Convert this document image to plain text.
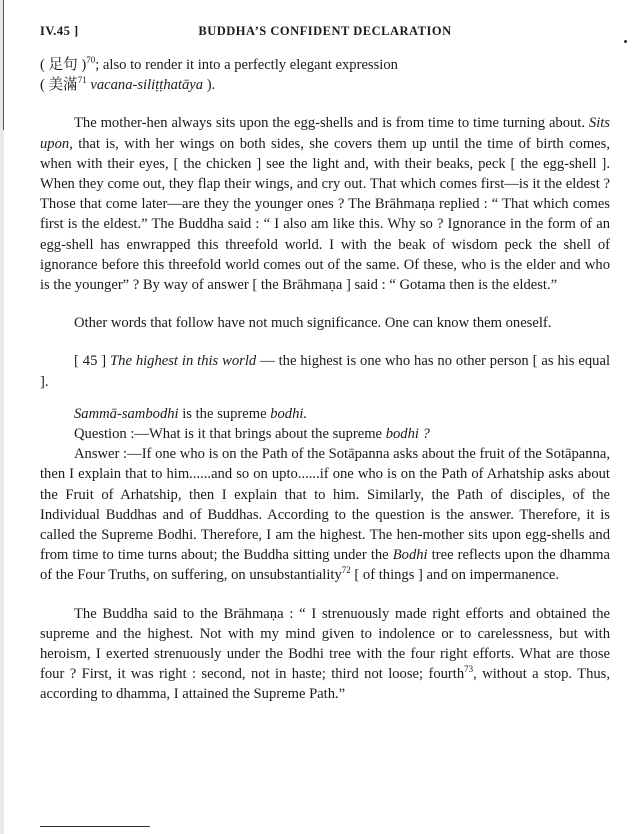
IV.45 ]	BUDDHA’S CONFIDENT DECLARATION

( 足句 )$^{70}$; also to render it into a perfectly elegant expression

( 美滿$^{71}$ vacana-siliṭṭhatāya ).

The mother-hen always sits upon the egg-shells and is from time to time turning about. Sits upon, that is, with her wings on both sides, she covers them up until the time of birth comes, when with their eyes, [ the chicken ] see the light and, with their beaks, peck [ the egg-shell ]. When they come out, they flap their wings, and cry out. That which comes first—is it the eldest ? Those that come later—are they the younger ones ? The Brāhmaṇa replied : “ That which comes first is the eldest.” The Buddha said : “ I also am like this. Why so ? Ignorance in the form of an egg-shell has enwrapped this threefold world. I with the beak of wisdom peck the shell of ignorance before this threefold world comes out of the same. Of these, who is the elder and who is the younger” ? By way of answer [ the Brāhmaṇa ] said : “ Gotama then is the eldest.”

Other words that follow have not much significance. One can know them oneself.

[ 45 ] The highest in this world — the highest is one who has no other person [ as his equal ].

Sammā-sambodhi is the supreme bodhi.

Question :—What is it that brings about the supreme bodhi ?

Answer :—If one who is on the Path of the Sotāpanna asks about the fruit of the Sotāpanna, then I explain that to him......and so on upto......if one who is on the Path of Arhatship asks about the Fruit of Arhatship, then I explain that to him. Similarly, the Path of disciples, of the Individual Buddhas and of Buddhas. According to the question is the answer. Therefore, it is called the Supreme Bodhi. Therefore, I am the highest. The hen-mother sits upon egg-shells and from time to time turns about; the Buddha sitting under the Bodhi tree reflects upon the dhamma of the Four Truths, on suffering, on unsubstantiality$^{72}$ [ of things ] and on impermanence.

The Buddha said to the Brāhmaṇa : “ I strenuously made right efforts and obtained the supreme and the highest. Not with my mind given to indolence or to carelessness, but with heroism, I exerted strenuously under the Bodhi tree with the four right efforts. What are those four ? First, it was right : second, not in haste; third not loose; fourth$^{73}$, without a stop. Thus, according to dhamma, I attained the Supreme Path.”
